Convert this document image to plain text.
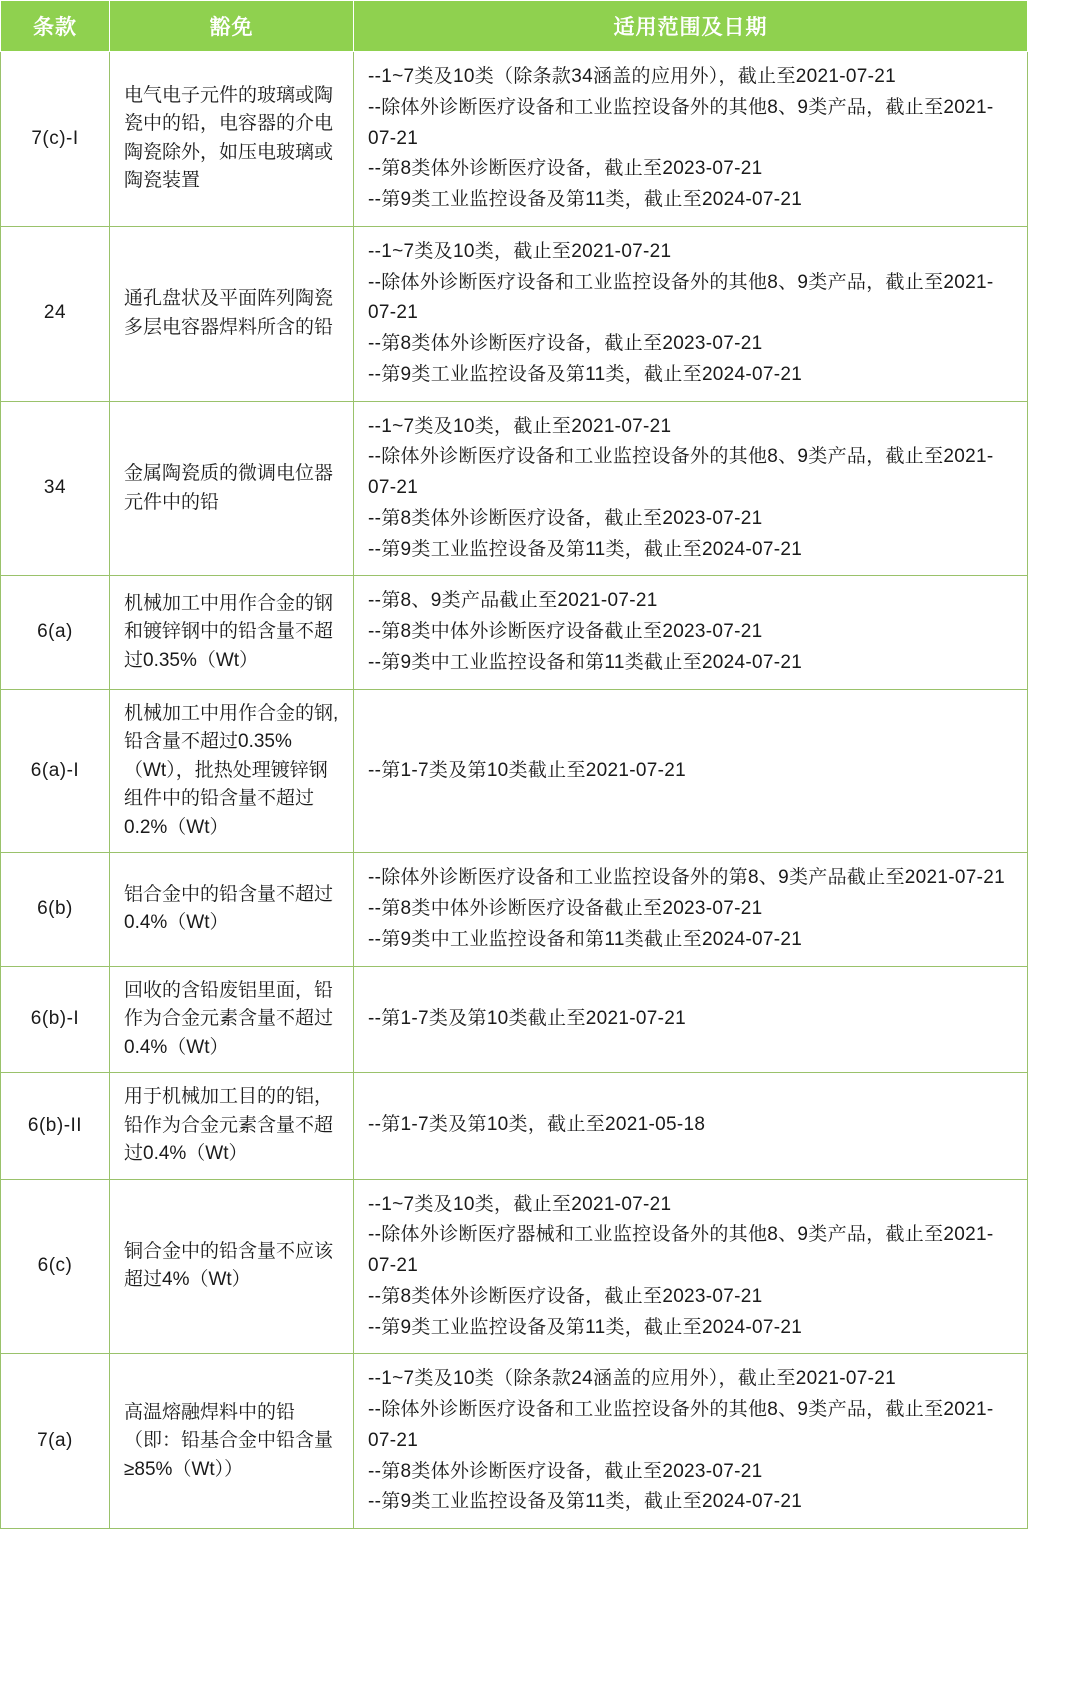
条款	豁免	适用范围及日期
7(c)-I	电气电子元件的玻璃或陶瓷中的铅，电容器的介电陶瓷除外，如压电玻璃或陶瓷装置	--1~7类及10类（除条款34涵盖的应用外），截止至2021-07-21
--除体外诊断医疗设备和工业监控设备外的其他8、9类产品，截止至2021-07-21
--第8类体外诊断医疗设备，截止至2023-07-21
--第9类工业监控设备及第11类，截止至2024-07-21

24	通孔盘状及平面阵列陶瓷多层电容器焊料所含的铅	--1~7类及10类，截止至2021-07-21
--除体外诊断医疗设备和工业监控设备外的其他8、9类产品，截止至2021-07-21
--第8类体外诊断医疗设备，截止至2023-07-21
--第9类工业监控设备及第11类，截止至2024-07-21

34	金属陶瓷质的微调电位器元件中的铅	--1~7类及10类，截止至2021-07-21
--除体外诊断医疗设备和工业监控设备外的其他8、9类产品，截止至2021-07-21
--第8类体外诊断医疗设备，截止至2023-07-21
--第9类工业监控设备及第11类，截止至2024-07-21

6(a)	机械加工中用作合金的钢和镀锌钢中的铅含量不超过0.35%（Wt）	--第8、9类产品截止至2021-07-21
--第8类中体外诊断医疗设备截止至2023-07-21
--第9类中工业监控设备和第11类截止至2024-07-21

6(a)-I	机械加工中用作合金的钢,铅含量不超过0.35%（Wt），批热处理镀锌钢组件中的铅含量不超过0.2%（Wt）	--第1-7类及第10类截止至2021-07-21

6(b)	铝合金中的铅含量不超过0.4%（Wt）	--除体外诊断医疗设备和工业监控设备外的第8、9类产品截止至2021-07-21
--第8类中体外诊断医疗设备截止至2023-07-21
--第9类中工业监控设备和第11类截止至2024-07-21

6(b)-I	回收的含铅废铝里面，铅作为合金元素含量不超过0.4%（Wt）	--第1-7类及第10类截止至2021-07-21

6(b)-II	用于机械加工目的的铝，铅作为合金元素含量不超过0.4%（Wt）	--第1-7类及第10类，截止至2021-05-18

6(c)	铜合金中的铅含量不应该超过4%（Wt）	--1~7类及10类，截止至2021-07-21
--除体外诊断医疗器械和工业监控设备外的其他8、9类产品，截止至2021-07-21
--第8类体外诊断医疗设备，截止至2023-07-21
--第9类工业监控设备及第11类，截止至2024-07-21

7(a)	高温熔融焊料中的铅（即：铅基合金中铅含量≥85%（Wt））	--1~7类及10类（除条款24涵盖的应用外），截止至2021-07-21
--除体外诊断医疗设备和工业监控设备外的其他8、9类产品，截止至2021-07-21
--第8类体外诊断医疗设备，截止至2023-07-21
--第9类工业监控设备及第11类，截止至2024-07-21
